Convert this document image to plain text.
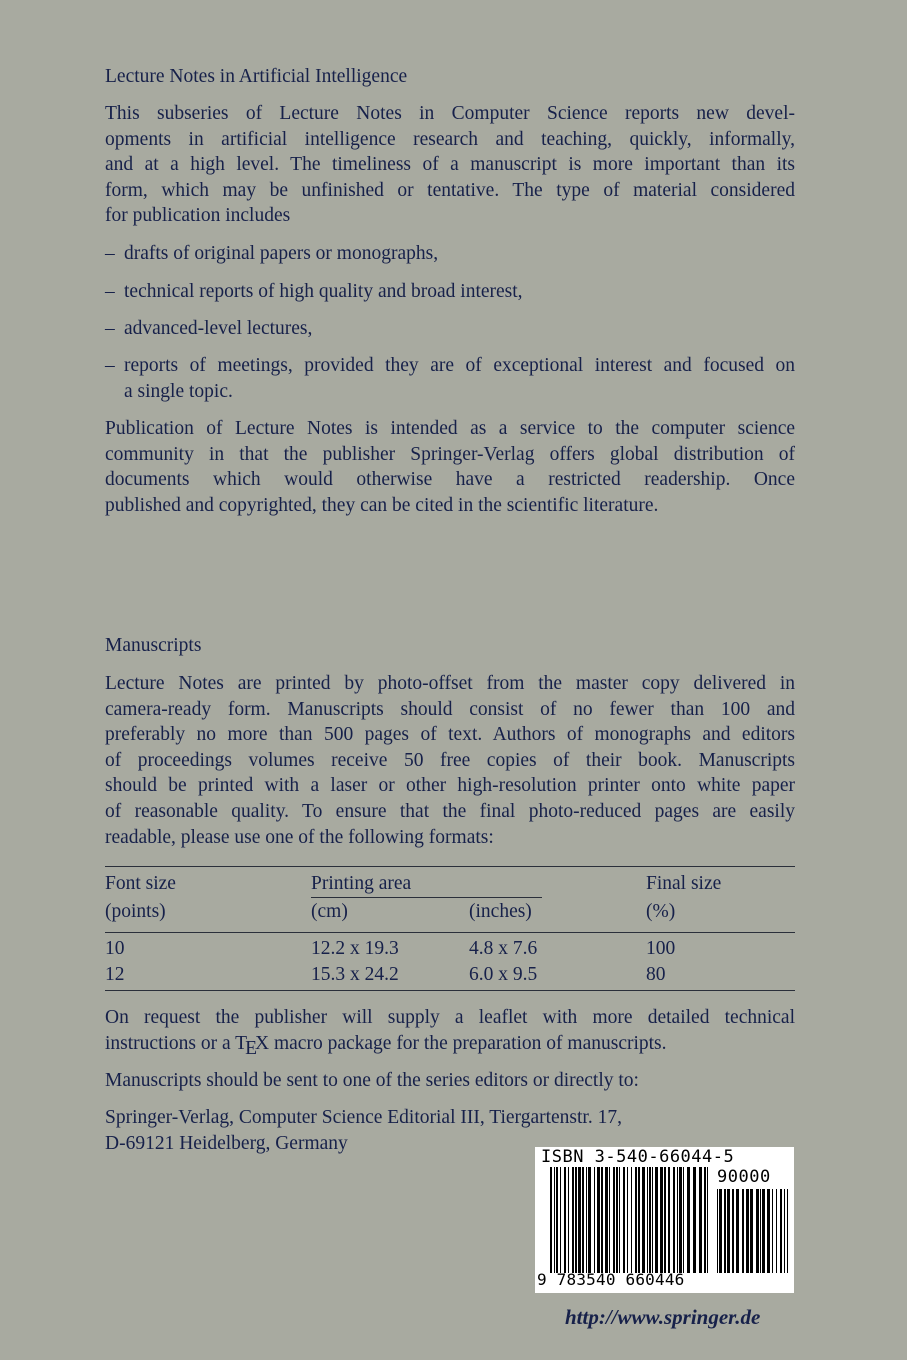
Lecture Notes in Artificial Intelligence
This subseries of Lecture Notes in Computer Science reports new devel-
opments in artificial intelligence research and teaching, quickly, informally,
and at a high level. The timeliness of a manuscript is more important than its
form, which may be unfinished or tentative. The type of material considered
for publication includes
– drafts of original papers or monographs,
– technical reports of high quality and broad interest,
– advanced-level lectures,
– reports of meetings, provided they are of exceptional interest and focused on
a single topic.
Publication of Lecture Notes is intended as a service to the computer science
community in that the publisher Springer-Verlag offers global distribution of
documents which would otherwise have a restricted readership. Once
published and copyrighted, they can be cited in the scientific literature.
Manuscripts
Lecture Notes are printed by photo-offset from the master copy delivered in
camera-ready form. Manuscripts should consist of no fewer than 100 and
preferably no more than 500 pages of text. Authors of monographs and editors
of proceedings volumes receive 50 free copies of their book. Manuscripts
should be printed with a laser or other high-resolution printer onto white paper
of reasonable quality. To ensure that the final photo-reduced pages are easily
readable, please use one of the following formats:
Font size	Printing area	Final size
(points)	(cm)	(inches)	(%)
10	12.2 x 19.3	4.8 x 7.6	100
12	15.3 x 24.2	6.0 x 9.5	80
On request the publisher will supply a leaflet with more detailed technical
instructions or a TEX macro package for the preparation of manuscripts.
Manuscripts should be sent to one of the series editors or directly to:
Springer-Verlag, Computer Science Editorial III, Tiergartenstr. 17,
D-69121 Heidelberg, Germany
ISBN 3-540-66044-5
90000
9 783540 660446
http://www.springer.de
